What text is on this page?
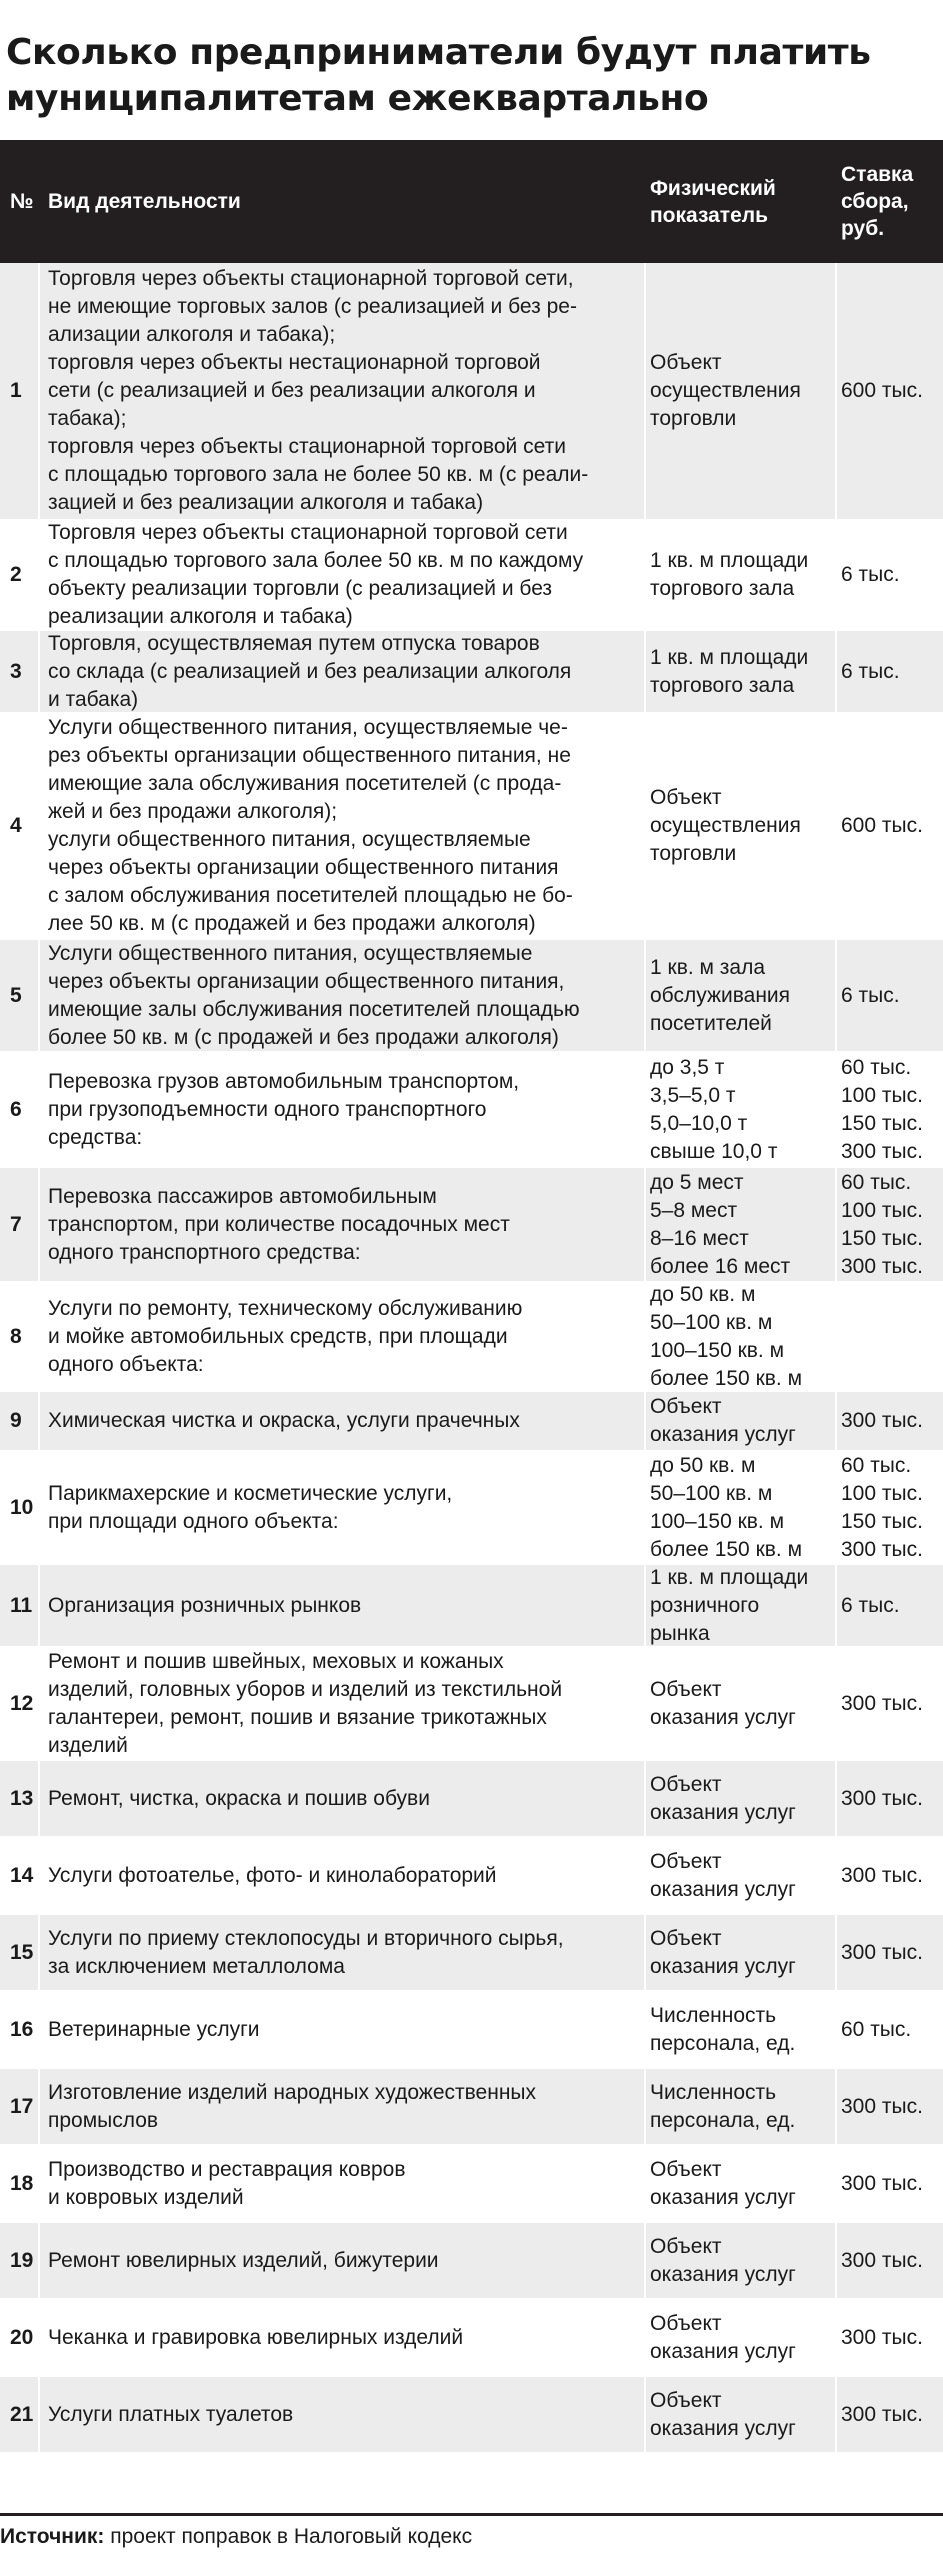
Сколько предприниматели будут платить
муниципалитетам ежеквартально
№ Вид деятельности
Физический
показатель
Ставка
сбора,
руб.
1
Торговля через объекты стационарной торговой сети,
не имеющие торговых залов (с реализацией и без ре-
ализации алкоголя и табака);
торговля через объекты нестационарной торговой
сети (с реализацией и без реализации алкоголя и
табака);
торговля через объекты стационарной торговой сети
с площадью торгового зала не более 50 кв. м (с реали-
зацией и без реализации алкоголя и табака)
Объект
осуществления
торговли
600 тыс.
2
Торговля через объекты стационарной торговой сети
с площадью торгового зала более 50 кв. м по каждому
объекту реализации торговли (с реализацией и без
реализации алкоголя и табака)
1 кв. м площади
торгового зала
6 тыс.
3
Торговля, осуществляемая путем отпуска товаров
со склада (с реализацией и без реализации алкоголя
и табака)
1 кв. м площади
торгового зала
6 тыс.
4
Услуги общественного питания, осуществляемые че-
рез объекты организации общественного питания, не
имеющие зала обслуживания посетителей (с прода-
жей и без продажи алкоголя);
услуги общественного питания, осуществляемые
через объекты организации общественного питания
с залом обслуживания посетителей площадью не бо-
лее 50 кв. м (с продажей и без продажи алкоголя)
Объект
осуществления
торговли
600 тыс.
5
Услуги общественного питания, осуществляемые
через объекты организации общественного питания,
имеющие залы обслуживания посетителей площадью
более 50 кв. м (с продажей и без продажи алкоголя)
1 кв. м зала
обслуживания
посетителей
6 тыс.
6
Перевозка грузов автомобильным транспортом,
при грузоподъемности одного транспортного
средства:
до 3,5 т
3,5–5,0 т
5,0–10,0 т
свыше 10,0 т
60 тыс.
100 тыс.
150 тыс.
300 тыс.
7
Перевозка пассажиров автомобильным
транспортом, при количестве посадочных мест
одного транспортного средства:
до 5 мест
5–8 мест
8–16 мест
более 16 мест
60 тыс.
100 тыс.
150 тыс.
300 тыс.
8
Услуги по ремонту, техническому обслуживанию
и мойке автомобильных средств, при площади
одного объекта:
до 50 кв. м
50–100 кв. м
100–150 кв. м
более 150 кв. м
9	Химическая чистка и окраска, услуги прачечных
Объект
оказания услуг
300 тыс.
10
Парикмахерские и косметические услуги,
при площади одного объекта:
до 50 кв. м
50–100 кв. м
100–150 кв. м
более 150 кв. м
60 тыс.
100 тыс.
150 тыс.
300 тыс.
11 Организация розничных рынков
1 кв. м площади
розничного
рынка
6 тыс.
12
Ремонт и пошив швейных, меховых и кожаных
изделий, головных уборов и изделий из текстильной
галантереи, ремонт, пошив и вязание трикотажных
изделий
Объект
оказания услуг
300 тыс.
13 Ремонт, чистка, окраска и пошив обуви
Объект
оказания услуг
300 тыс.
14 Услуги фотоателье, фото- и кинолабораторий
Объект
оказания услуг
300 тыс.
15
Услуги по приему стеклопосуды и вторичного сырья,
за исключением металлолома
Объект
оказания услуг
300 тыс.
16 Ветеринарные услуги
Численность
персонала, ед.
60 тыс.
17
Изготовление изделий народных художественных
промыслов
Численность
персонала, ед.
300 тыс.
18
Производство и реставрация ковров
и ковровых изделий
Объект
оказания услуг
300 тыс.
19 Ремонт ювелирных изделий, бижутерии
Объект
оказания услуг
300 тыс.
20 Чеканка и гравировка ювелирных изделий
Объект
оказания услуг
300 тыс.
21 Услуги платных туалетов
Объект
оказания услуг
300 тыс.
Источник: проект поправок в Налоговый кодекс
